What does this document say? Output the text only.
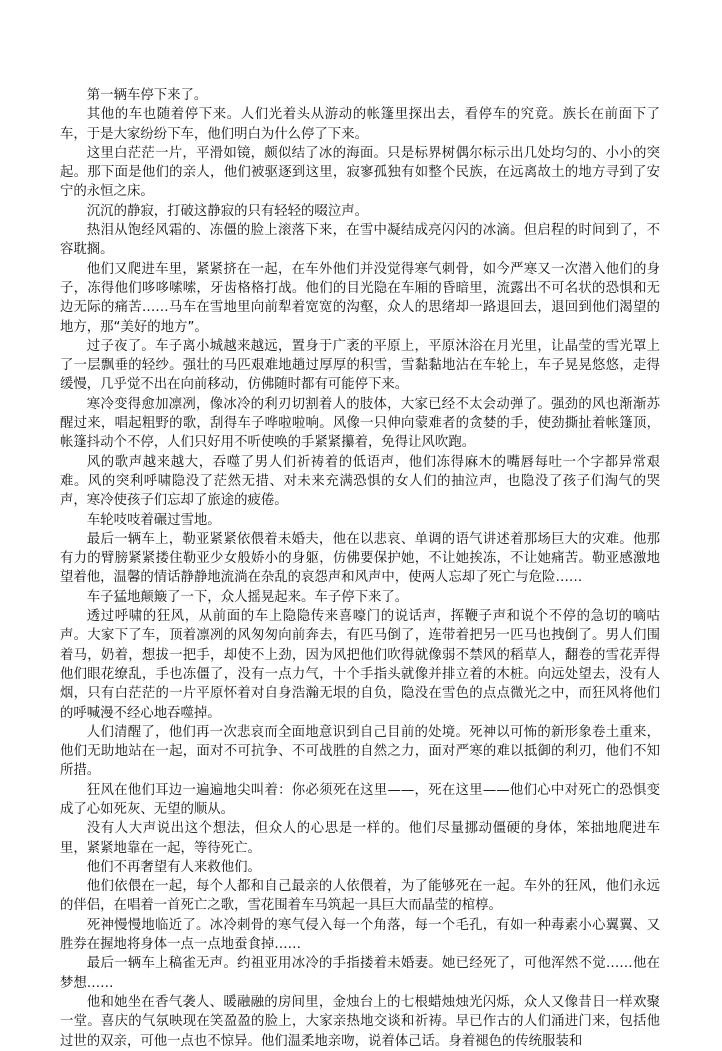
第一辆车停下来了。

其他的车也随着停下来。人们光着头从游动的帐篷里探出去，看停车的究竟。族长在前面下了车，于是大家纷纷下车，他们明白为什么停了下来。

这里白茫茫一片，平滑如镜，颇似结了冰的海面。只是标界树偶尔标示出几处均匀的、小小的突起。那下面是他们的亲人，他们被驱逐到这里，寂寥孤独有如整个民族，在远离故土的地方寻到了安宁的永恒之床。

沉沉的静寂，打破这静寂的只有轻轻的啜泣声。

热泪从饱经风霜的、冻僵的脸上滚落下来，在雪中凝结成亮闪闪的冰滴。但启程的时间到了，不容耽搁。

他们又爬进车里，紧紧挤在一起，在车外他们并没觉得寒气刺骨，如今严寒又一次潜入他们的身子，冻得他们哆哆嗦嗦，牙齿格格打战。他们的目光隐在车厢的昏暗里，流露出不可名状的恐惧和无边无际的痛苦……马车在雪地里向前犁着宽宽的沟壑，众人的思绪却一路退回去，退回到他们渴望的地方，那“美好的地方”。

过子夜了。车子离小城越来越远，置身于广袤的平原上，平原沐浴在月光里，让晶莹的雪光罩上了一层飘垂的轻纱。强壮的马匹艰难地趟过厚厚的积雪，雪黏黏地沾在车轮上，车子晃晃悠悠，走得缓慢，几乎觉不出在向前移动，仿佛随时都有可能停下来。

寒冷变得愈加凛冽，像冰冷的利刃切割着人的肢体，大家已经不太会动弹了。强劲的风也渐渐苏醒过来，唱起粗野的歌，刮得车子哗啦啦响。风像一只伸向蒙难者的贪婪的手，使劲撕扯着帐篷顶，帐篷抖动个不停，人们只好用不听使唤的手紧紧攥着，免得让风吹跑。

风的歌声越来越大，吞噬了男人们祈祷着的低语声，他们冻得麻木的嘴唇每吐一个字都异常艰难。风的突利呼啸隐没了茫然无措、对未来充满恐惧的女人们的抽泣声，也隐没了孩子们淘气的哭声，寒冷使孩子们忘却了旅途的疲倦。

车轮吱吱着碾过雪地。

最后一辆车上，勒亚紧紧依偎着未婚夫，他在以悲哀、单调的语气讲述着那场巨大的灾难。他那有力的臂膀紧紧搂住勒亚少女般娇小的身躯，仿佛要保护她，不让她挨冻，不让她痛苦。勒亚感激地望着他，温馨的情话静静地流淌在杂乱的哀怨声和风声中，使两人忘却了死亡与危险……

车子猛地颠簸了一下，众人摇晃起来。车子停下来了。

透过呼啸的狂风，从前面的车上隐隐传来喜嚎门的说话声，挥鞭子声和说个不停的急切的嘀咕声。大家下了车，顶着凛冽的风匆匆向前奔去，有匹马倒了，连带着把另一匹马也拽倒了。男人们围着马，奶着，想拔一把手，却使不上劲，因为风把他们吹得就像弱不禁风的稻草人，翻卷的雪花弄得他们眼花缭乱，手也冻僵了，没有一点力气，十个手指头就像并排立着的木桩。向远处望去，没有人烟，只有白茫茫的一片平原怀着对自身浩瀚无垠的自负，隐没在雪色的点点微光之中，而狂风将他们的呼喊漫不经心地吞噬掉。

人们清醒了，他们再一次悲哀而全面地意识到自己目前的处境。死神以可怖的新形象卷土重来，他们无助地站在一起，面对不可抗争、不可战胜的自然之力，面对严寒的难以抵御的利刃，他们不知所措。

狂风在他们耳边一遍遍地尖叫着：你必须死在这里——，死在这里——他们心中对死亡的恐惧变成了心如死灰、无望的顺从。

没有人大声说出这个想法，但众人的心思是一样的。他们尽量挪动僵硬的身体，笨拙地爬进车里，紧紧地靠在一起，等待死亡。

他们不再奢望有人来救他们。

他们依偎在一起，每个人都和自己最亲的人依偎着，为了能够死在一起。车外的狂风，他们永远的伴侣，在唱着一首死亡之歌，雪花围着车马筑起一具巨大而晶莹的棺椁。

死神慢慢地临近了。冰冷刺骨的寒气侵入每一个角落，每一个毛孔，有如一种毒素小心翼翼、又胜券在握地将身体一点一点地蚕食掉……

最后一辆车上稿雀无声。约祖亚用冰冷的手指搂着未婚妻。她已经死了，可他浑然不觉……他在梦想……

他和她坐在香气袭人、暖融融的房间里，金烛台上的七根蜡烛烛光闪烁，众人又像昔日一样欢聚一堂。喜庆的气氛映现在笑盈盈的脸上，大家亲热地交谈和祈祷。早已作古的人们涌进门来，包括他过世的双亲，可他一点也不惊异。他们温柔地亲吻，说着体己话。身着褪色的传统服装和
